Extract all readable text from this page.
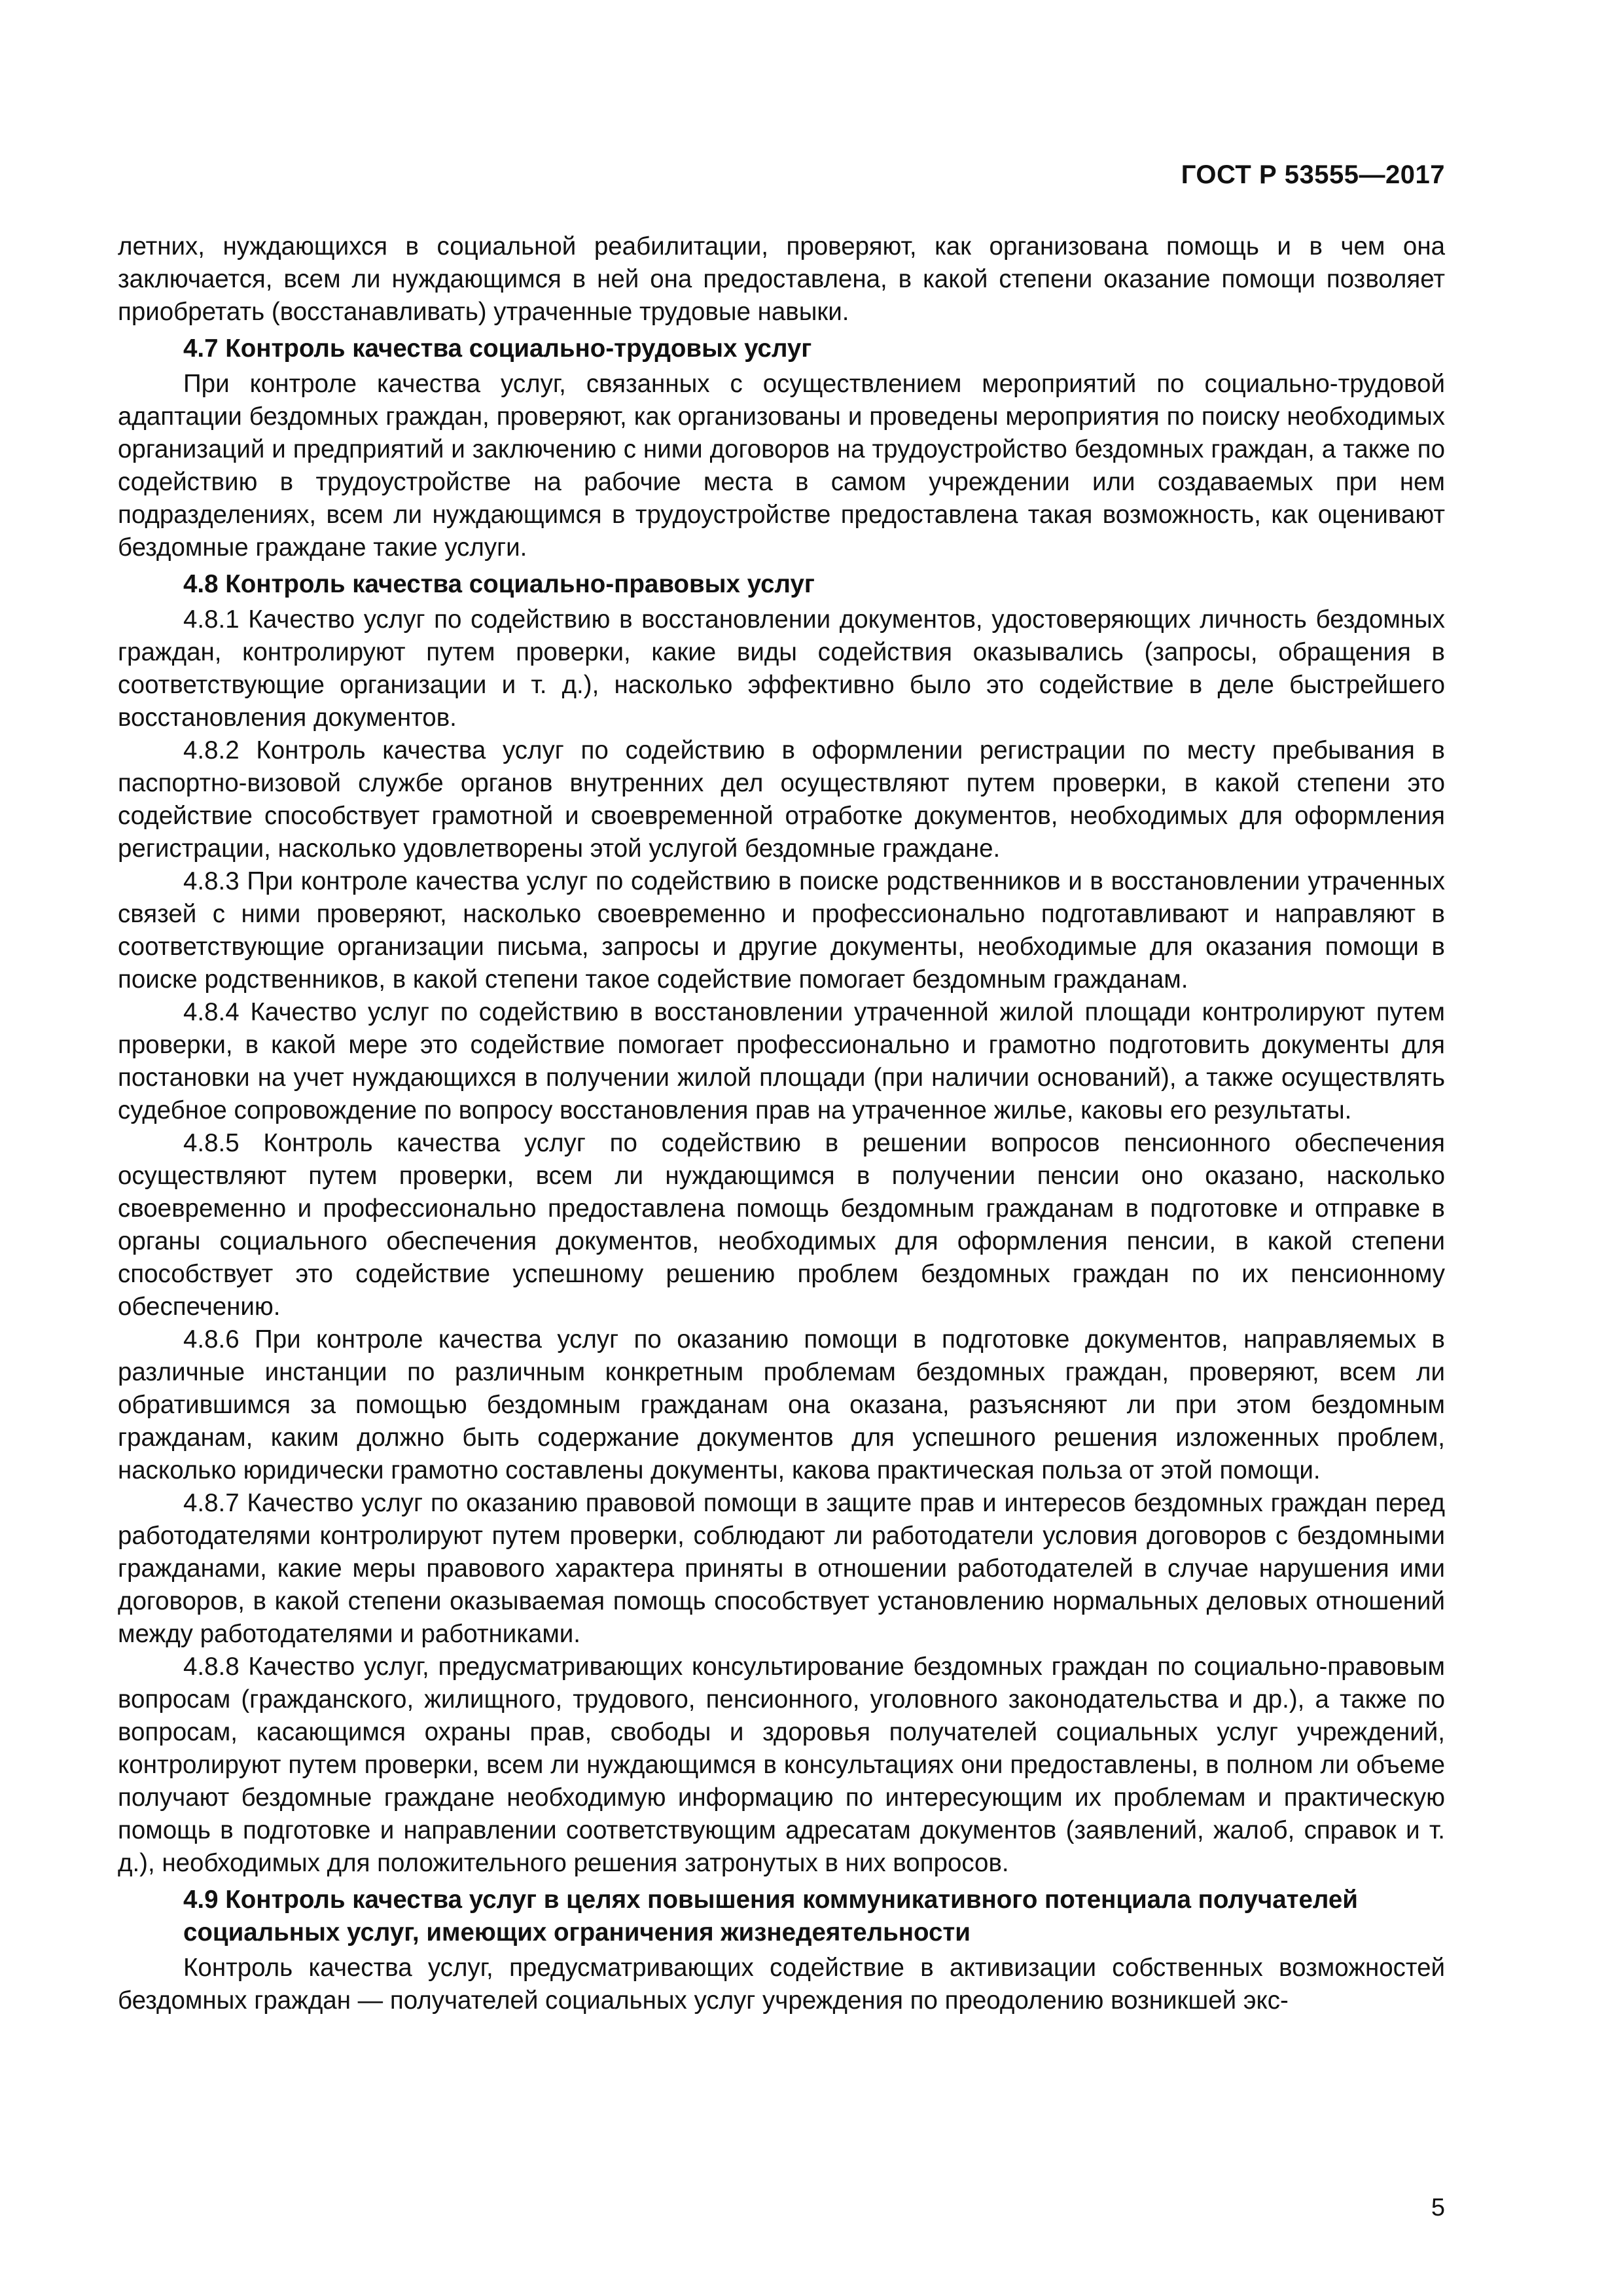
ГОСТ Р 53555—2017

летних, нуждающихся в социальной реабилитации, проверяют, как организована помощь и в чем она заключается, всем ли нуждающимся в ней она предоставлена, в какой степени оказание помощи позволяет приобретать (восстанавливать) утраченные трудовые навыки.

4.7 Контроль качества социально-трудовых услуг

При контроле качества услуг, связанных с осуществлением мероприятий по социально-трудовой адаптации бездомных граждан, проверяют, как организованы и проведены мероприятия по поиску необходимых организаций и предприятий и заключению с ними договоров на трудоустройство бездомных граждан, а также по содействию в трудоустройстве на рабочие места в самом учреждении или создаваемых при нем подразделениях, всем ли нуждающимся в трудоустройстве предоставлена такая возможность, как оценивают бездомные граждане такие услуги.

4.8 Контроль качества социально-правовых услуг

4.8.1 Качество услуг по содействию в восстановлении документов, удостоверяющих личность бездомных граждан, контролируют путем проверки, какие виды содействия оказывались (запросы, обращения в соответствующие организации и т. д.), насколько эффективно было это содействие в деле быстрейшего восстановления документов.

4.8.2 Контроль качества услуг по содействию в оформлении регистрации по месту пребывания в паспортно-визовой службе органов внутренних дел осуществляют путем проверки, в какой степени это содействие способствует грамотной и своевременной отработке документов, необходимых для оформления регистрации, насколько удовлетворены этой услугой бездомные граждане.

4.8.3 При контроле качества услуг по содействию в поиске родственников и в восстановлении утраченных связей с ними проверяют, насколько своевременно и профессионально подготавливают и направляют в соответствующие организации письма, запросы и другие документы, необходимые для оказания помощи в поиске родственников, в какой степени такое содействие помогает бездомным гражданам.

4.8.4 Качество услуг по содействию в восстановлении утраченной жилой площади контролируют путем проверки, в какой мере это содействие помогает профессионально и грамотно подготовить документы для постановки на учет нуждающихся в получении жилой площади (при наличии оснований), а также осуществлять судебное сопровождение по вопросу восстановления прав на утраченное жилье, каковы его результаты.

4.8.5 Контроль качества услуг по содействию в решении вопросов пенсионного обеспечения осуществляют путем проверки, всем ли нуждающимся в получении пенсии оно оказано, насколько своевременно и профессионально предоставлена помощь бездомным гражданам в подготовке и отправке в органы социального обеспечения документов, необходимых для оформления пенсии, в какой степени способствует это содействие успешному решению проблем бездомных граждан по их пенсионному обеспечению.

4.8.6 При контроле качества услуг по оказанию помощи в подготовке документов, направляемых в различные инстанции по различным конкретным проблемам бездомных граждан, проверяют, всем ли обратившимся за помощью бездомным гражданам она оказана, разъясняют ли при этом бездомным гражданам, каким должно быть содержание документов для успешного решения изложенных проблем, насколько юридически грамотно составлены документы, какова практическая польза от этой помощи.

4.8.7 Качество услуг по оказанию правовой помощи в защите прав и интересов бездомных граждан перед работодателями контролируют путем проверки, соблюдают ли работодатели условия договоров с бездомными гражданами, какие меры правового характера приняты в отношении работодателей в случае нарушения ими договоров, в какой степени оказываемая помощь способствует установлению нормальных деловых отношений между работодателями и работниками.

4.8.8 Качество услуг, предусматривающих консультирование бездомных граждан по социально-правовым вопросам (гражданского, жилищного, трудового, пенсионного, уголовного законодательства и др.), а также по вопросам, касающимся охраны прав, свободы и здоровья получателей социальных услуг учреждений, контролируют путем проверки, всем ли нуждающимся в консультациях они предоставлены, в полном ли объеме получают бездомные граждане необходимую информацию по интересующим их проблемам и практическую помощь в подготовке и направлении соответствующим адресатам документов (заявлений, жалоб, справок и т. д.), необходимых для положительного решения затронутых в них вопросов.

4.9 Контроль качества услуг в целях повышения коммуникативного потенциала получателей социальных услуг, имеющих ограничения жизнедеятельности

Контроль качества услуг, предусматривающих содействие в активизации собственных возможностей бездомных граждан — получателей социальных услуг учреждения по преодолению возникшей экс-

5
